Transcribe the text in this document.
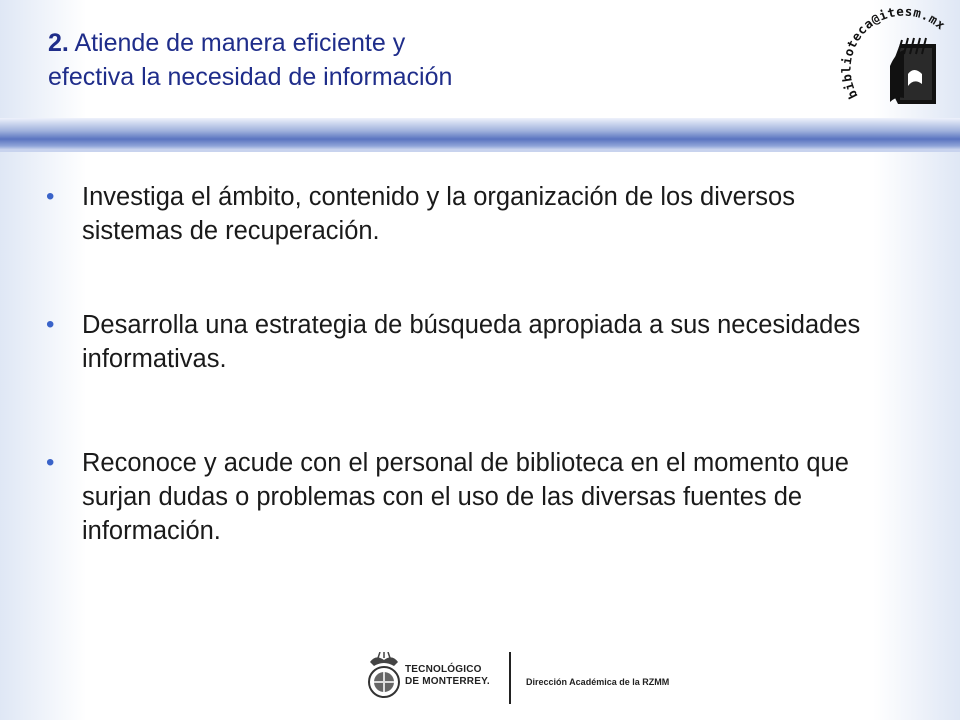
2. Atiende de manera eficiente y
efectiva la necesidad de información
biblioteca@itesm.mx
• Investiga el ámbito, contenido y la organización de los diversos sistemas de recuperación.
• Desarrolla una estrategia de búsqueda apropiada a sus necesidades informativas.
• Reconoce y acude con el personal de biblioteca en el momento que surjan dudas o problemas con el uso de las diversas fuentes de información.
TECNOLÓGICO
DE MONTERREY.	Dirección Académica de la RZMM
